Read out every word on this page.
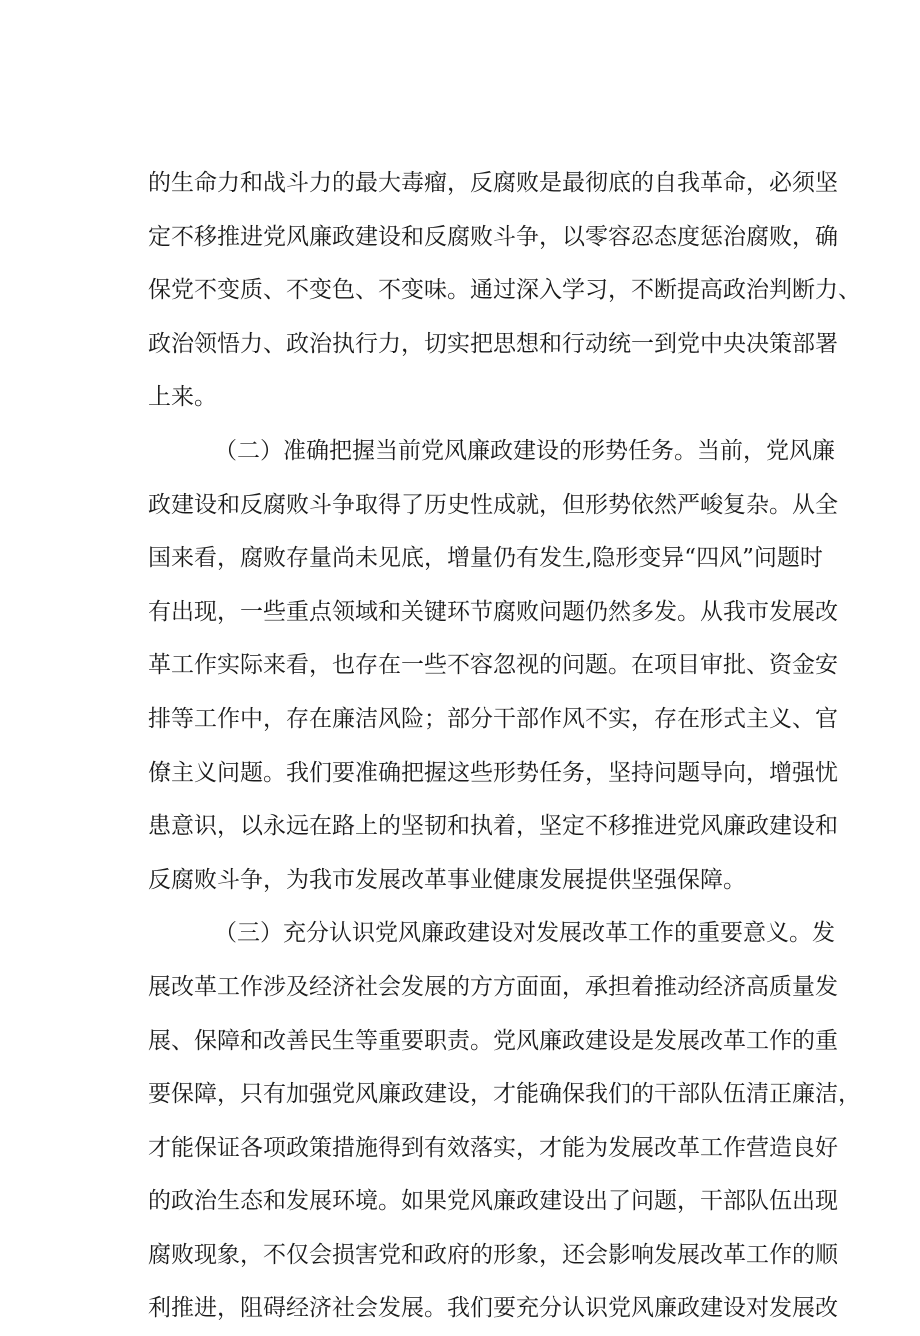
的生命力和战斗力的最大毒瘤，反腐败是最彻底的自我革命，必须坚
定不移推进党风廉政建设和反腐败斗争，以零容忍态度惩治腐败，确
保党不变质、不变色、不变味。通过深入学习，不断提高政治判断力、
政治领悟力、政治执行力，切实把思想和行动统一到党中央决策部署
上来。
（二）准确把握当前党风廉政建设的形势任务。当前，党风廉
政建设和反腐败斗争取得了历史性成就，但形势依然严峻复杂。从全
国来看，腐败存量尚未见底，增量仍有发生,隐形变异“四风”问题时
有出现，一些重点领域和关键环节腐败问题仍然多发。从我市发展改
革工作实际来看，也存在一些不容忽视的问题。在项目审批、资金安
排等工作中，存在廉洁风险；部分干部作风不实，存在形式主义、官
僚主义问题。我们要准确把握这些形势任务，坚持问题导向，增强忧
患意识，以永远在路上的坚韧和执着，坚定不移推进党风廉政建设和
反腐败斗争，为我市发展改革事业健康发展提供坚强保障。
（三）充分认识党风廉政建设对发展改革工作的重要意义。发
展改革工作涉及经济社会发展的方方面面，承担着推动经济高质量发
展、保障和改善民生等重要职责。党风廉政建设是发展改革工作的重
要保障，只有加强党风廉政建设，才能确保我们的干部队伍清正廉洁，
才能保证各项政策措施得到有效落实，才能为发展改革工作营造良好
的政治生态和发展环境。如果党风廉政建设出了问题，干部队伍出现
腐败现象，不仅会损害党和政府的形象，还会影响发展改革工作的顺
利推进，阻碍经济社会发展。我们要充分认识党风廉政建设对发展改
